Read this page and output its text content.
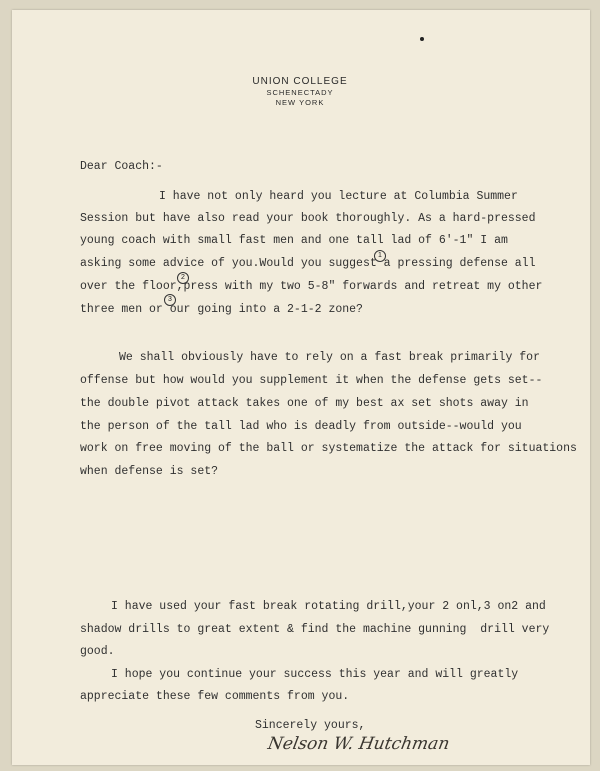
UNION COLLEGE
SCHENECTADY
NEW YORK
Dear Coach:-
I have not only heard you lecture at Columbia Summer
Session but have also read your book thoroughly. As a hard-pressed
young coach with small fast men and one tall lad of 6'-1" I am
asking some advice of you.Would you suggest a pressing defense all
over the floor,press with my two 5-8" forwards and retreat my other
three men or our going into a 2-1-2 zone?
1
2
3
We shall obviously have to rely on a fast break primarily for
offense but how would you supplement it when the defense gets set--
the double pivot attack takes one of my best ax set shots away in
the person of the tall lad who is deadly from outside--would you
work on free moving of the ball or systematize the attack for situations
when defense is set?
I have used your fast break rotating drill,your 2 onl,3 on2 and
shadow drills to great extent & find the machine gunning  drill very
good.
I hope you continue your success this year and will greatly
appreciate these few comments from you.
Sincerely yours,
Nelson W. Hutchman
